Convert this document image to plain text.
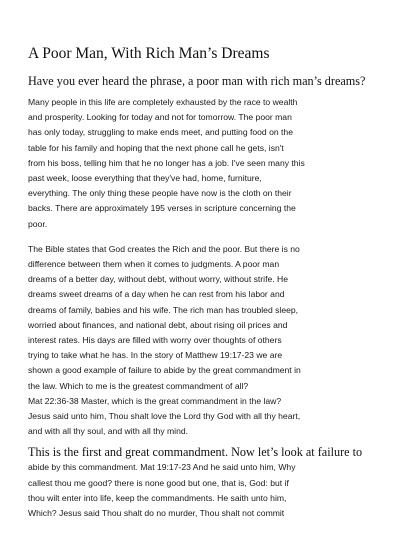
A Poor Man, With Rich Man’s Dreams

Have you ever heard the phrase, a poor man with rich man’s dreams?

Many people in this life are completely exhausted by the race to wealth

and prosperity. Looking for today and not for tomorrow. The poor man

has only today, struggling to make ends meet, and putting food on the

table for his family and hoping that the next phone call he gets, isn't

from his boss, telling him that he no longer has a job. I've seen many this

past week, loose everything that they've had, home, furniture,

everything. The only thing these people have now is the cloth on their

backs. There are approximately 195 verses in scripture concerning the

poor.

The Bible states that God creates the Rich and the poor. But there is no

difference between them when it comes to judgments. A poor man

dreams of a better day, without debt, without worry, without strife. He

dreams sweet dreams of a day when he can rest from his labor and

dreams of family, babies and his wife. The rich man has troubled sleep,

worried about finances, and national debt, about rising oil prices and

interest rates. His days are filled with worry over thoughts of others

trying to take what he has. In the story of Matthew 19:17-23 we are

shown a good example of failure to abide by the great commandment in

the law. Which to me is the greatest commandment of all?

Mat 22:36-38 Master, which is the great commandment in the law?

Jesus said unto him, Thou shalt love the Lord thy God with all thy heart,

and with all thy soul, and with all thy mind.

This is the first and great commandment. Now let’s look at failure to

abide by this commandment. Mat 19:17-23 And he said unto him, Why

callest thou me good? there is none good but one, that is, God: but if

thou wilt enter into life, keep the commandments. He saith unto him,

Which? Jesus said Thou shalt do no murder, Thou shalt not commit
